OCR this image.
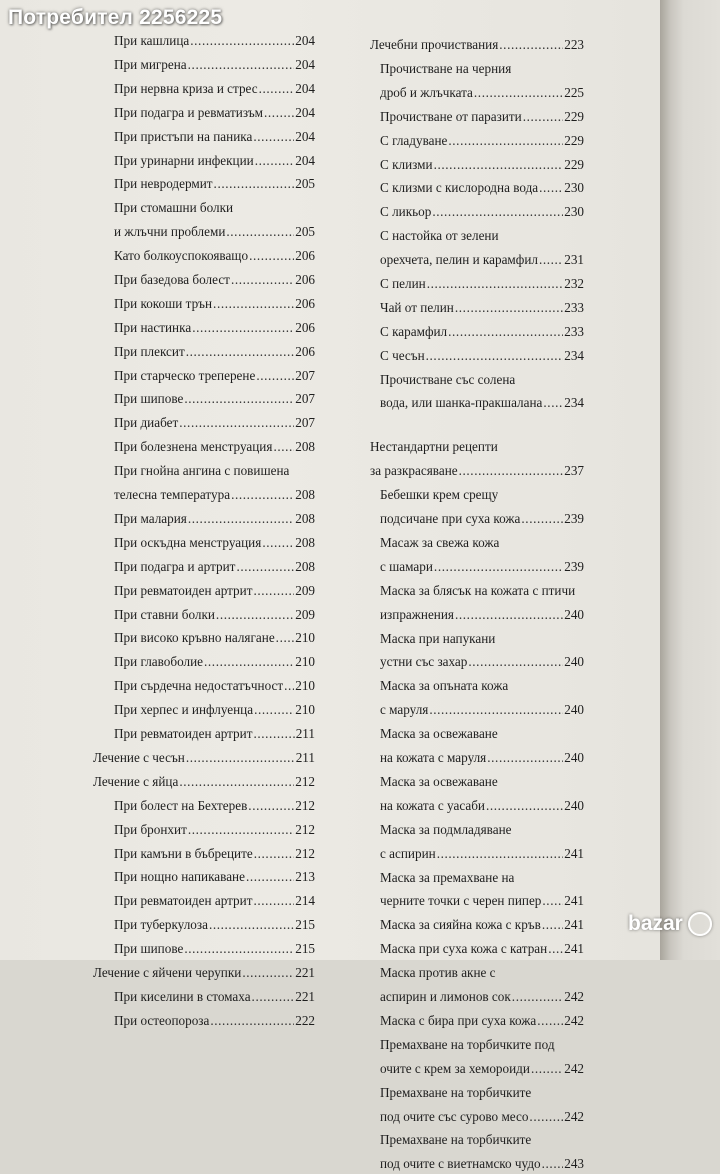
При кашлица .....	204
При мигрена .....	204
При нервна криза и стрес .....	204
При подагра и ревматизъм ..... 204
При пристъпи на паника .....	204
При уринарни инфекции .....	204
При невродермит .....	205
При стомашни болки
и жлъчни проблеми .....	205
Като болкоуспокояващо .....	206
При базедова болест .....	206
При кокоши трън .....	206
При настинка .....	206
При плексит .....	206
При старческо треперене .....	207
При шипове .....	207
При диабет .....	207
При болезнена менструация ..... 208
При гнойна ангина с повишена
телесна температура .....	208
При малария .....	208
При оскъдна менструация .....	208
При подагра и артрит .....	208
При ревматоиден артрит .....	209
При ставни болки .....	209
При високо кръвно налягане ..... 210
При главоболие .....	210
При сърдечна недостатъчност ..... 210
При херпес и инфлуенца .....	210
При ревматоиден артрит .....	211
Лечение с чесън .....	211
Лечение с яйца .....	212
При болест на Бехтерев .....	212
При бронхит .....	212
При камъни в бъбреците .....	212
При нощно напикаване .....	213
При ревматоиден артрит .....	214
При туберкулоза .....	215
При шипове .....	215
Лечение с яйчени черупки .....	221
При киселини в стомаха .....	221
При остеопороза .....	222
Лечебни прочиствания .....	223
Прочистване на черния
дроб и жлъчката .....	225
Прочистване от паразити .....	229
С гладуване .....	229
С клизми .....	229
С клизми с кислородна вода ..... 230
С ликьор .....	230
С настойка от зелени
орехчета, пелин и карамфил ..... 231
С пелин .....	232
Чай от пелин .....	233
С карамфил .....	233
С чесън .....	234
Прочистване със солена
вода, или шанка-пракшалана ..... 234
Нестандартни рецепти
за разкрасяване .....	237
Бебешки крем срещу
подсичане при суха кожа .....	239
Масаж за свежа кожа
с шамари .....	239
Маска за блясък на кожата с птичи
изпражнения .....	240
Маска при напукани
устни със захар .....	240
Маска за опъната кожа
с маруля .....	240
Маска за освежаване
на кожата с маруля .....	240
Маска за освежаване
на кожата с уасаби .....	240
Маска за подмладяване
с аспирин .....	241
Маска за премахване на
черните точки с черен пипер ..... 241
Маска за сияйна кожа с кръв ..... 241
Маска при суха кожа с катран ..... 241
Маска против акне с
аспирин и лимонов сок .....	242
Маска с бира при суха кожа ..... 242
Премахване на торбичките под
очите с крем за хемороиди .....	242
Премахване на торбичките
под очите със сурово месо .....	242
Премахване на торбичките
под очите с виетнамско чудо ..... 243
Потребител 2256225
bazar
